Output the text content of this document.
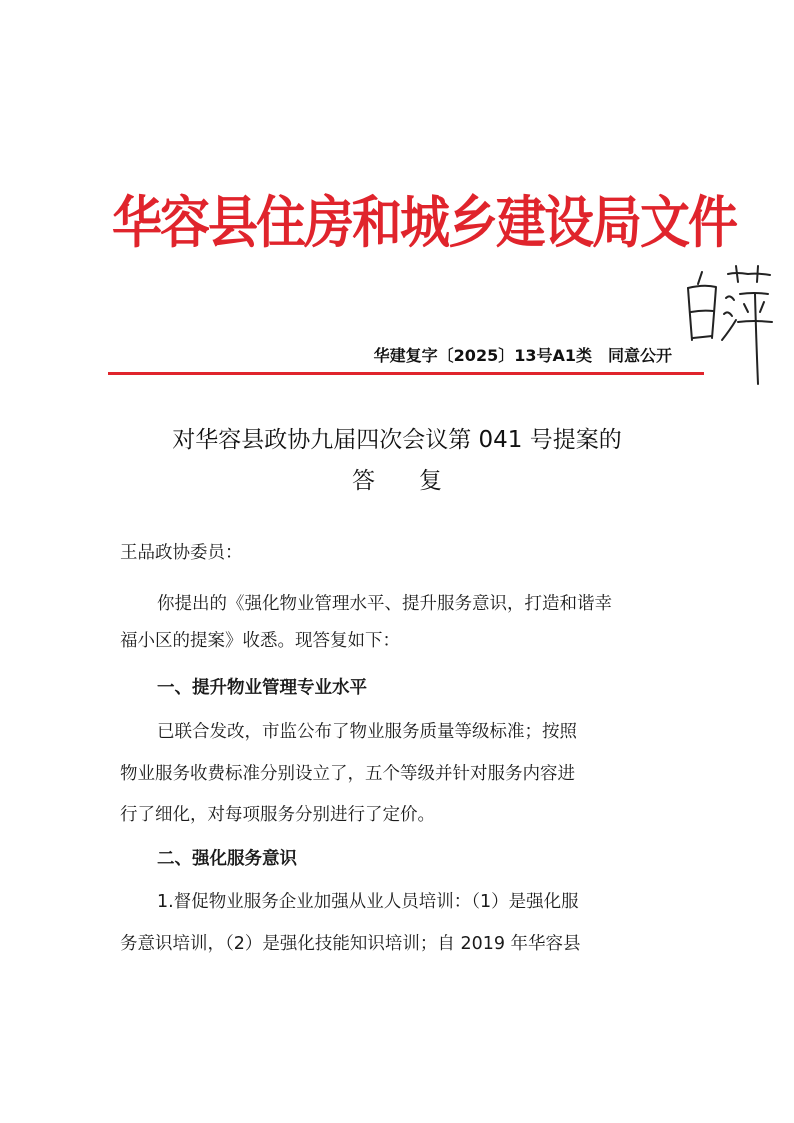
华容县住房和城乡建设局文件
华建复字〔2025〕13号A1类　同意公开
对华容县政协九届四次会议第 041 号提案的
答 复
王品政协委员：
你提出的《强化物业管理水平、提升服务意识，打造和谐幸
福小区的提案》收悉。现答复如下：
一、提升物业管理专业水平
已联合发改，市监公布了物业服务质量等级标准；按照
物业服务收费标准分别设立了，五个等级并针对服务内容进
行了细化，对每项服务分别进行了定价。
二、强化服务意识
1.督促物业服务企业加强从业人员培训：（1）是强化服
务意识培训，（2）是强化技能知识培训；自 2019 年华容县
